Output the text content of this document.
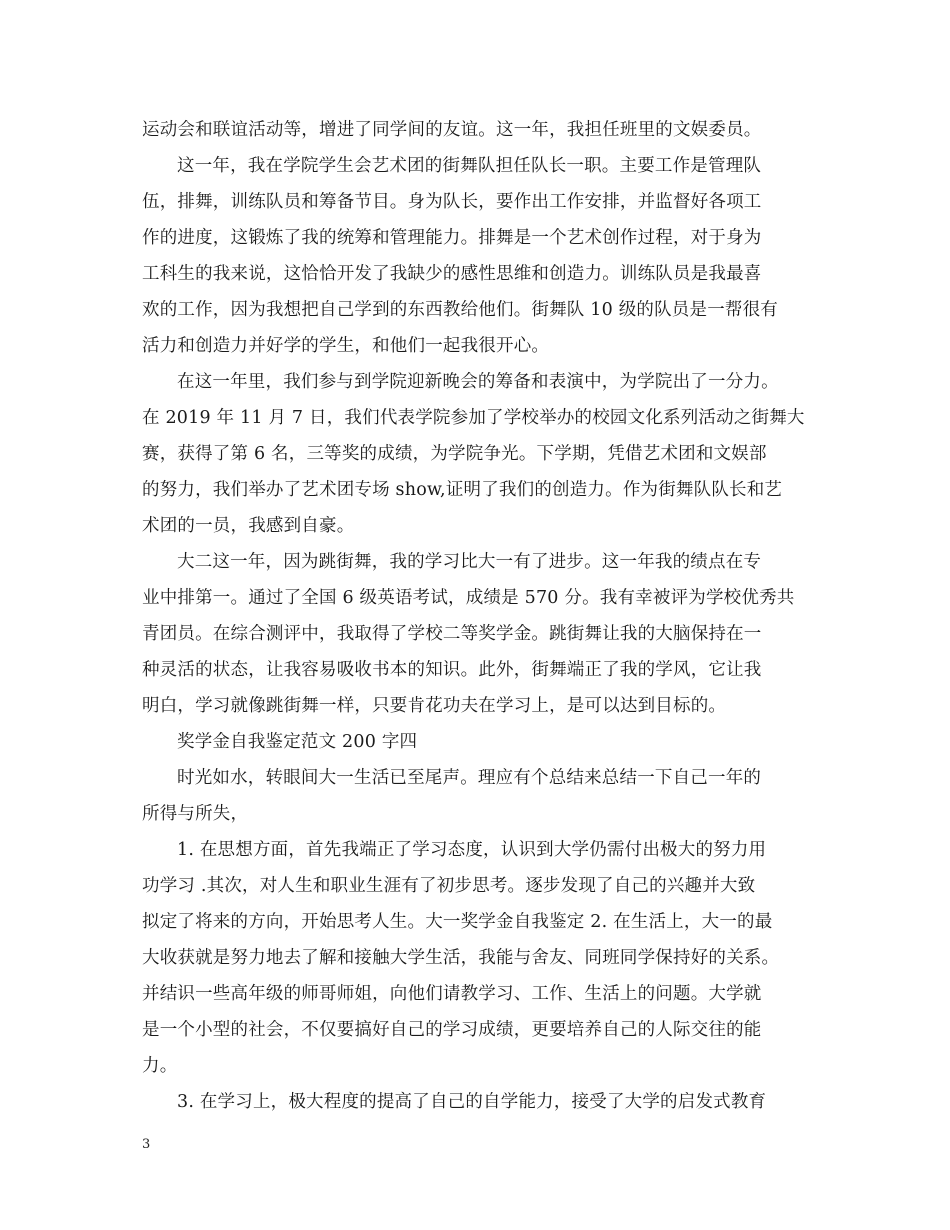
运动会和联谊活动等，增进了同学间的友谊。这一年，我担任班里的文娱委员。
这一年，我在学院学生会艺术团的街舞队担任队长一职。主要工作是管理队
伍，排舞，训练队员和筹备节目。身为队长，要作出工作安排，并监督好各项工
作的进度，这锻炼了我的统筹和管理能力。排舞是一个艺术创作过程，对于身为
工科生的我来说，这恰恰开发了我缺少的感性思维和创造力。训练队员是我最喜
欢的工作，因为我想把自己学到的东西教给他们。街舞队 10 级的队员是一帮很有
活力和创造力并好学的学生，和他们一起我很开心。
在这一年里，我们参与到学院迎新晚会的筹备和表演中，为学院出了一分力。
在 2019 年 11 月 7 日，我们代表学院参加了学校举办的校园文化系列活动之街舞大
赛，获得了第 6 名，三等奖的成绩，为学院争光。下学期，凭借艺术团和文娱部
的努力，我们举办了艺术团专场 show,证明了我们的创造力。作为街舞队队长和艺
术团的一员，我感到自豪。
大二这一年，因为跳街舞，我的学习比大一有了进步。这一年我的绩点在专
业中排第一。通过了全国 6 级英语考试，成绩是 570 分。我有幸被评为学校优秀共
青团员。在综合测评中，我取得了学校二等奖学金。跳街舞让我的大脑保持在一
种灵活的状态，让我容易吸收书本的知识。此外，街舞端正了我的学风，它让我
明白，学习就像跳街舞一样，只要肯花功夫在学习上，是可以达到目标的。
奖学金自我鉴定范文 200 字四
时光如水，转眼间大一生活已至尾声。理应有个总结来总结一下自己一年的
所得与所失，
1. 在思想方面，首先我端正了学习态度，认识到大学仍需付出极大的努力用
功学习 .其次，对人生和职业生涯有了初步思考。逐步发现了自己的兴趣并大致
拟定了将来的方向，开始思考人生。大一奖学金自我鉴定 2. 在生活上，大一的最
大收获就是努力地去了解和接触大学生活，我能与舍友、同班同学保持好的关系。
并结识一些高年级的师哥师姐，向他们请教学习、工作、生活上的问题。大学就
是一个小型的社会，不仅要搞好自己的学习成绩，更要培养自己的人际交往的能
力。
3. 在学习上，极大程度的提高了自己的自学能力，接受了大学的启发式教育
3
